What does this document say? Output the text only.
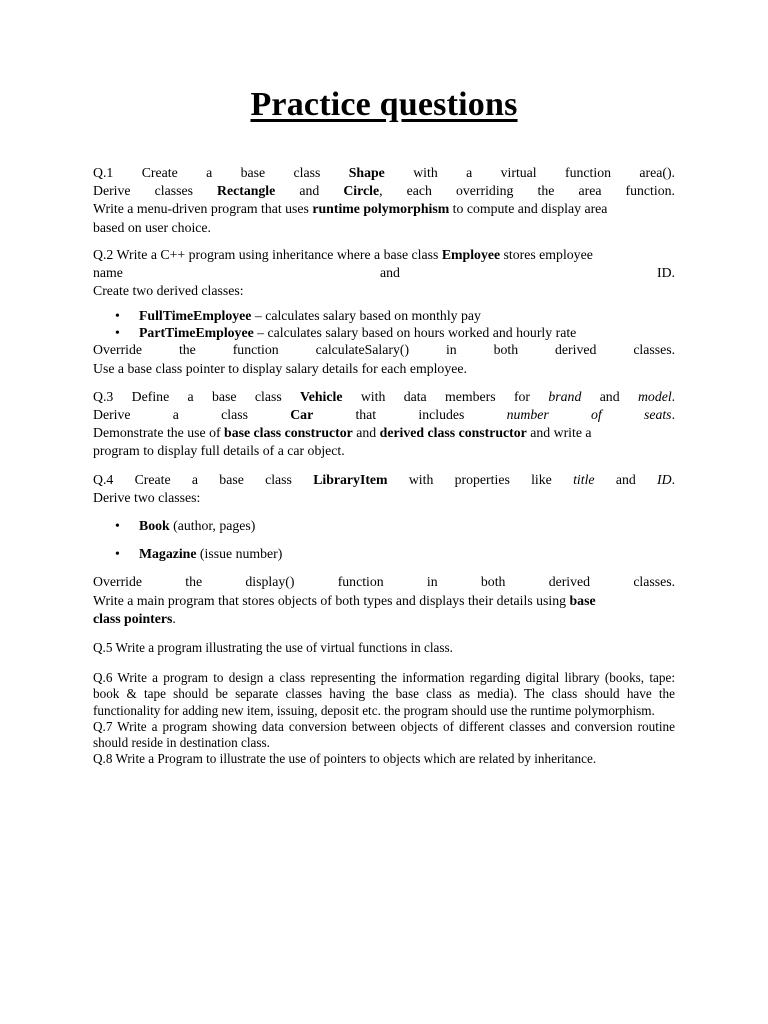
Practice questions
Q.1 Create a base class Shape with a virtual function area().
Derive classes Rectangle and Circle, each overriding the area function.
Write a menu-driven program that uses runtime polymorphism to compute and display area
based on user choice.
Q.2 Write a C++ program using inheritance where a base class Employee stores employee
name	and	ID.
Create two derived classes:
• FullTimeEmployee – calculates salary based on monthly pay
• PartTimeEmployee – calculates salary based on hours worked and hourly rate
Override	the	function	calculateSalary()	in	both	derived	classes.
Use a base class pointer to display salary details for each employee.
Q.3 Define a base class Vehicle with data members for brand and model.
Derive	a	class	Car	that	includes	number	of	seats.
Demonstrate the use of base class constructor and derived class constructor and write a
program to display full details of a car object.
Q.4 Create a base class LibraryItem with properties like title and ID.
Derive two classes:
• Book (author, pages)
• Magazine (issue number)
Override	the	display()	function	in	both	derived	classes.
Write a main program that stores objects of both types and displays their details using base
class pointers.
Q.5 Write a program illustrating the use of virtual functions in class.
Q.6 Write a program to design a class representing the information regarding digital library (books, tape: book & tape should be separate classes having the base class as media). The class should have the functionality for adding new item, issuing, deposit etc. the program should use the runtime polymorphism.
Q.7 Write a program showing data conversion between objects of different classes and conversion routine should reside in destination class.
Q.8 Write a Program to illustrate the use of pointers to objects which are related by inheritance.
